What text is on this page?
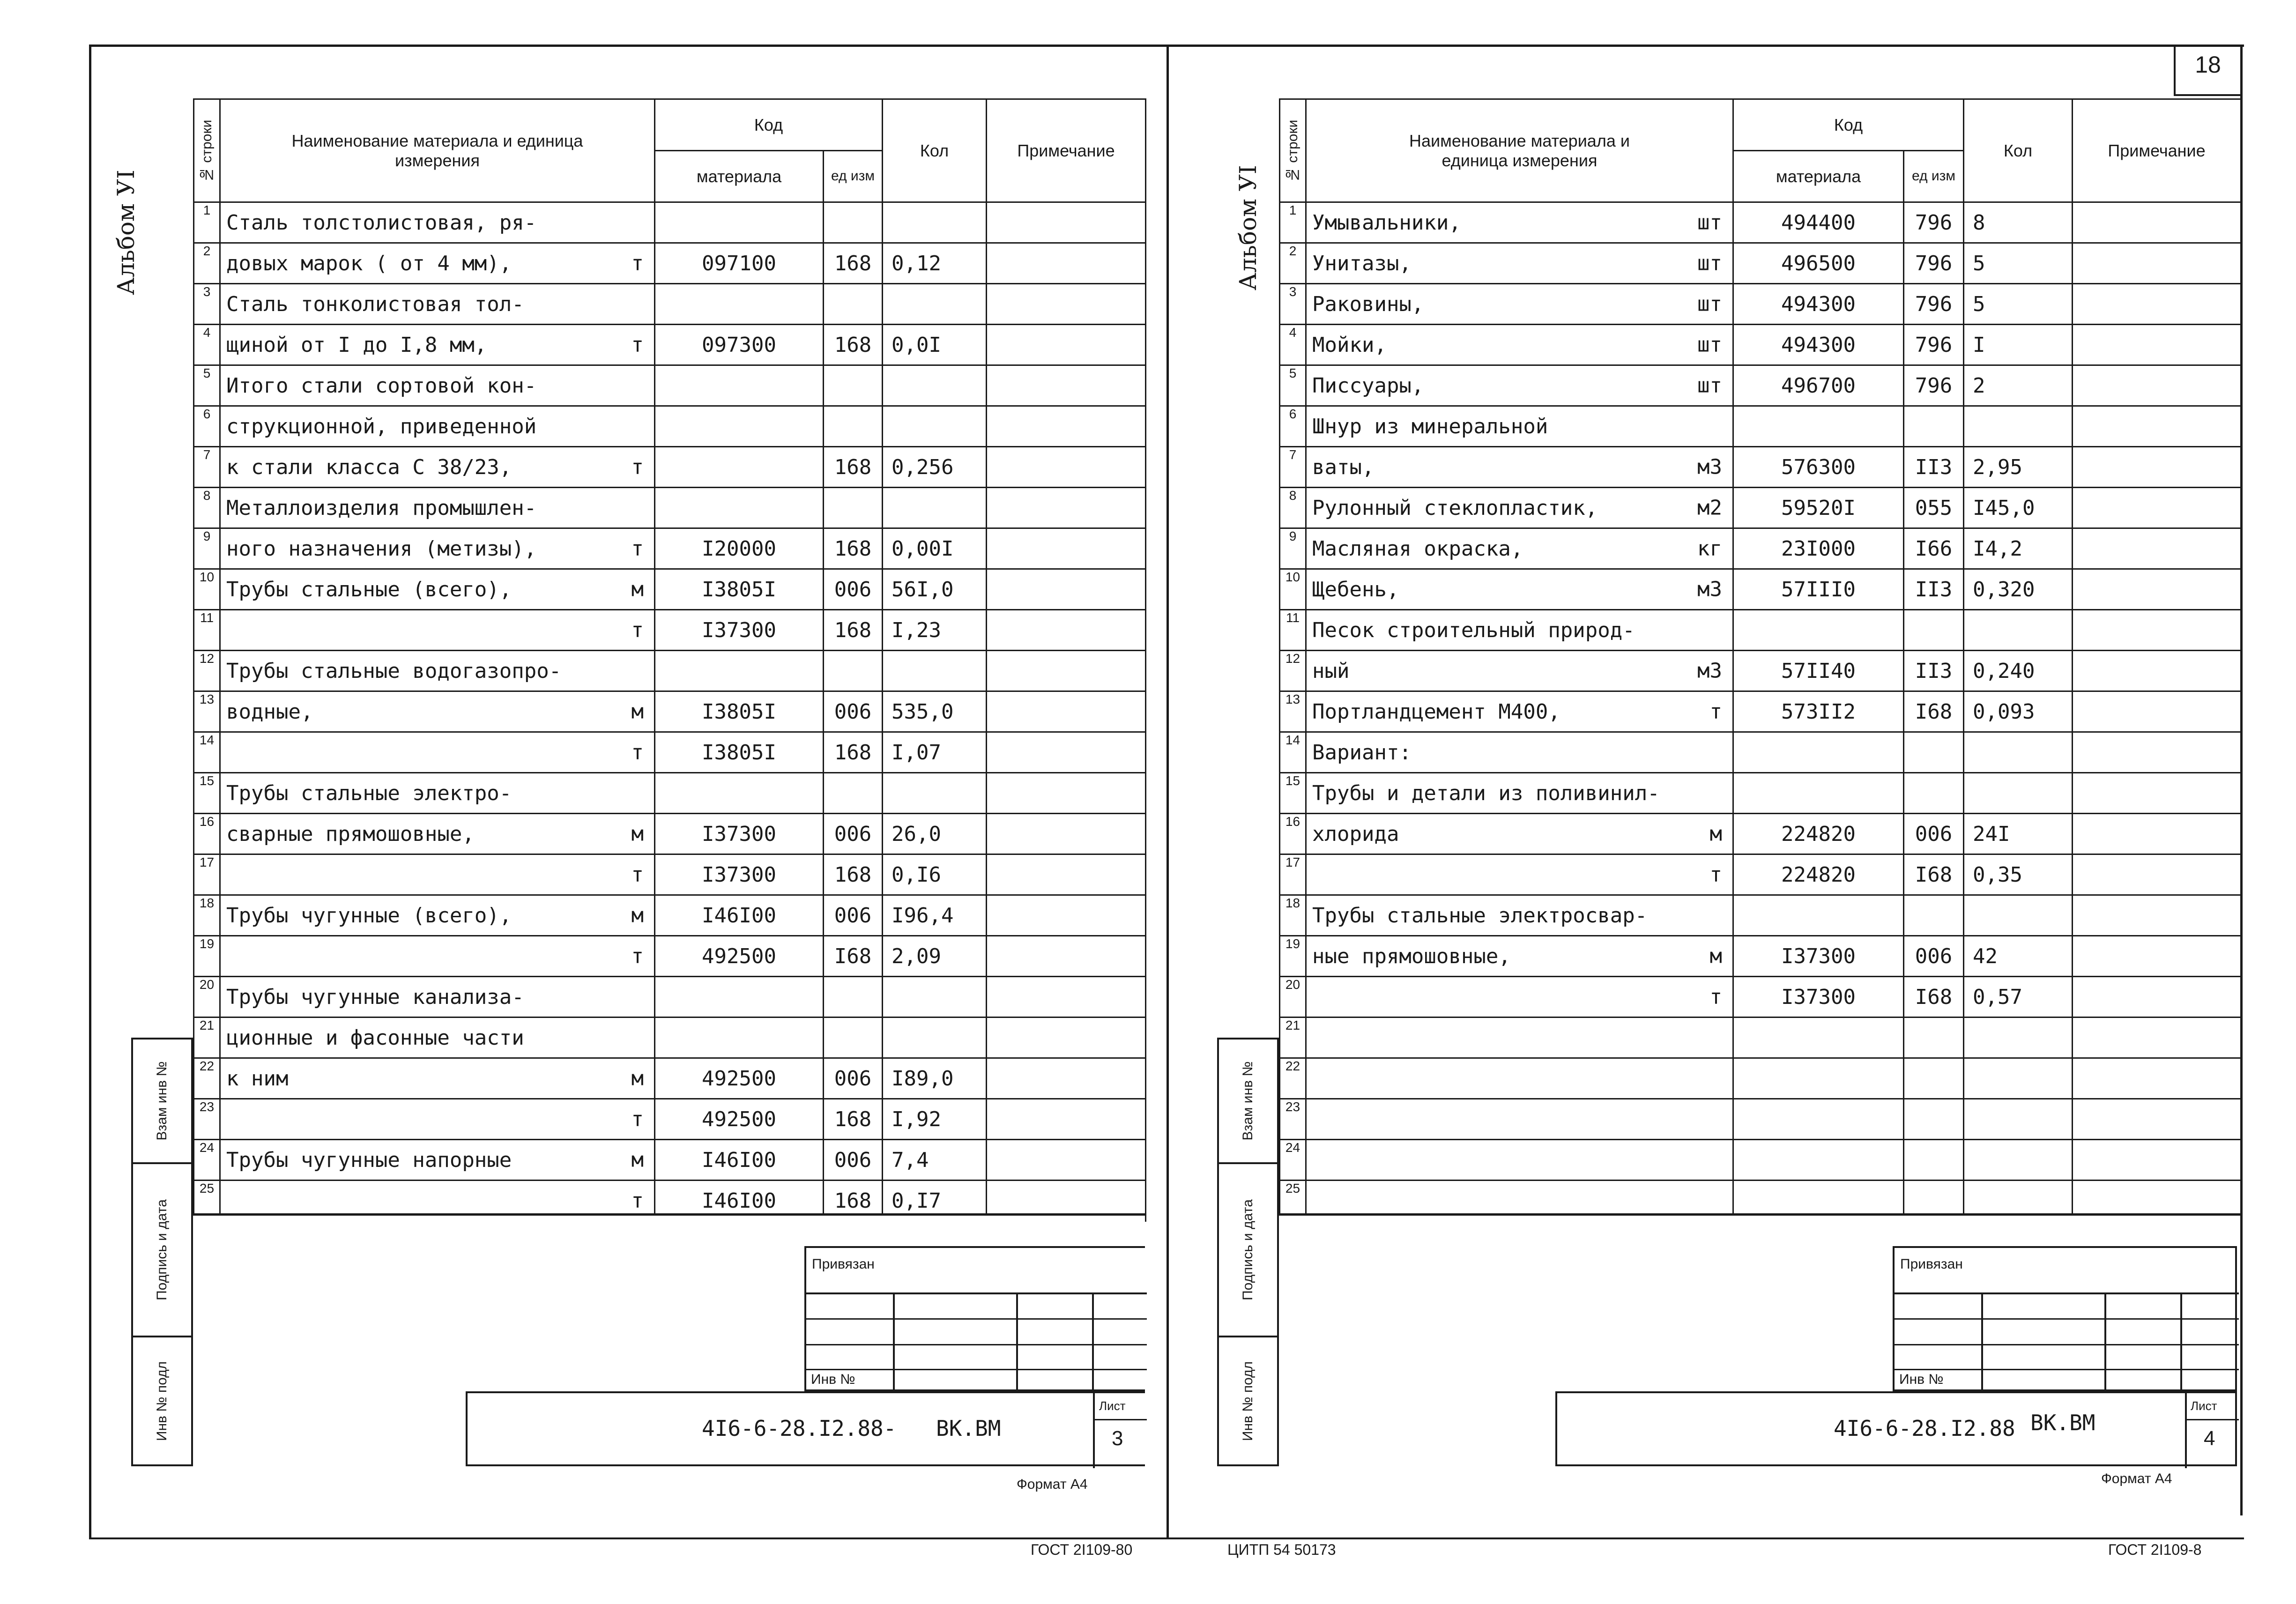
18
Альбом УI
Взам инв №
Подпись и дата
Инв № подл
№ строки	Наименование материала и единица измерения	Код		Кол	Примечание
		материала	ед изм		
1	Сталь толстолистовая, ря-

2	довых марок ( от 4 мм), т	097100	168	0,12	
3	Сталь тонколистовая тол-

4	щиной от I до I,8 мм, т	097300	168	0,0I	
5	Итого стали сортовой кон-

6	струкционной, приведенной

7	к стали класса С 38/23, т		168	0,256	
8	Металлоизделия промышлен-

9	ного назначения (метизы), т	I20000	168	0,00I	
10	Трубы стальные (всего), м	I3805I	006	56I,0	
11	т	I37300	168	I,23	
12	Трубы стальные водогазопро-

13	водные, м	I3805I	006	535,0	
14	т	I3805I	168	I,07	
15	Трубы стальные электро-

16	сварные прямошовные, м	I37300	006	26,0	
17	т	I37300	168	0,I6	
18	Трубы чугунные (всего), м	I46I00	006	I96,4	
19	т	492500	I68	2,09	
20	Трубы чугунные канализа-

21	ционные и фасонные части

22	к ним м	492500	006	I89,0	
23	т	492500	168	I,92	
24	Трубы чугунные напорные м	I46I00	006	7,4	
25	т	I46I00	168	0,I7	
Привязан
Инв №
4I6-6-28.I2.88- ВК.ВМ
Лист
3
Формат А4
Альбом УI
Взам инв №
Подпись и дата
Инв № подл
№ строки	Наименование материала и единица измерения	Код		Кол	Примечание
		материала	ед изм		
1	Умывальники, шт	494400	796	8	
2	Унитазы, шт	496500	796	5	
3	Раковины, шт	494300	796	5	
4	Мойки, шт	494300	796	I	
5	Писсуары, шт	496700	796	2	
6	Шнур из минеральной

7	ваты, м3	576300	II3	2,95	
8	Рулонный стеклопластик, м2	59520I	055	I45,0	
9	Масляная окраска, кг	23I000	I66	I4,2	
10	Щебень, м3	57III0	II3	0,320	
11	Песок строительный природ-

12	ный м3	57II40	II3	0,240	
13	Портландцемент М400, т	573II2	I68	0,093	
14	Вариант:

15	Трубы и детали из поливинил-

16	хлорида м	224820	006	24I	
17	т	224820	I68	0,35	
18	Трубы стальные электросвар-

19	ные прямошовные, м	I37300	006	42	
20	т	I37300	I68	0,57	
21	

22	

23	

24	

25	

Привязан
Инв №
4I6-6-28.I2.88 ВК.ВМ
Лист
4
Формат А4
ГОСТ 2I109-80	ЦИТП 54 50173	ГОСТ 2I109-8
